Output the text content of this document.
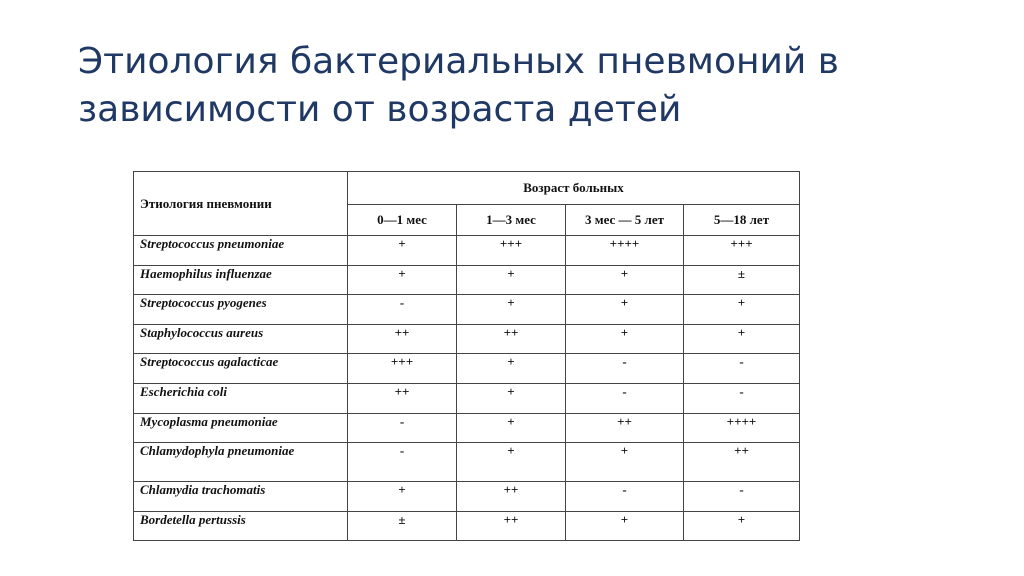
Этиология бактериальных пневмоний в зависимости от возраста детей
Этиология пневмонии	Возраст больных			
	0—1 мес	1—3 мес	3 мес — 5 лет	5—18 лет
Streptococcus pneumoniae	+	+++	++++	+++
Haemophilus influenzae	+	+	+	±
Streptococcus pyogenes	-	+	+	+
Staphylococcus aureus	++	++	+	+
Streptococcus agalacticae	+++	+	-	-
Escherichia coli	++	+	-	-
Mycoplasma pneumoniae	-	+	++	++++
Chlamydophyla pneumoniae	-	+	+	++
Chlamydia trachomatis	+	++	-	-
Bordetella pertussis	±	++	+	+
